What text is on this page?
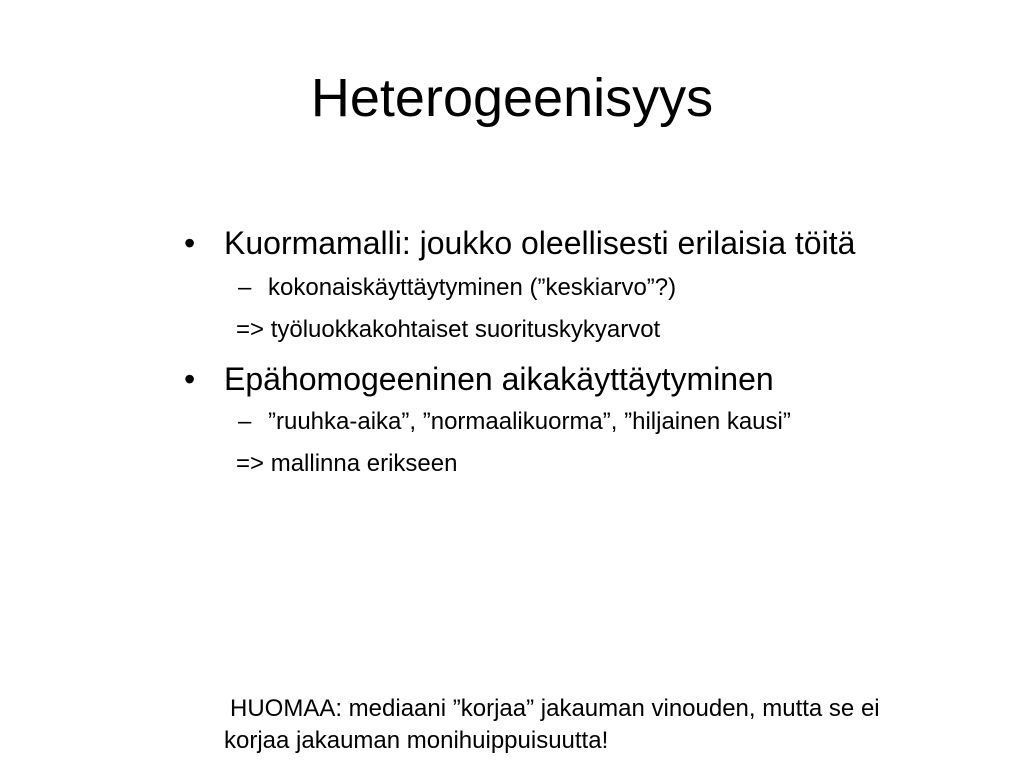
Heterogeenisyys

• Kuormamalli: joukko oleellisesti erilaisia töitä

– kokonaiskäyttäytyminen (”keskiarvo”?)

=> työluokkakohtaiset suorituskykyarvot

• Epähomogeeninen aikakäyttäytyminen

– ”ruuhka-aika”, ”normaalikuorma”, ”hiljainen kausi”

=> mallinna erikseen

HUOMAA: mediaani ”korjaa” jakauman vinouden, mutta se ei korjaa jakauman monihuippuisuutta!
